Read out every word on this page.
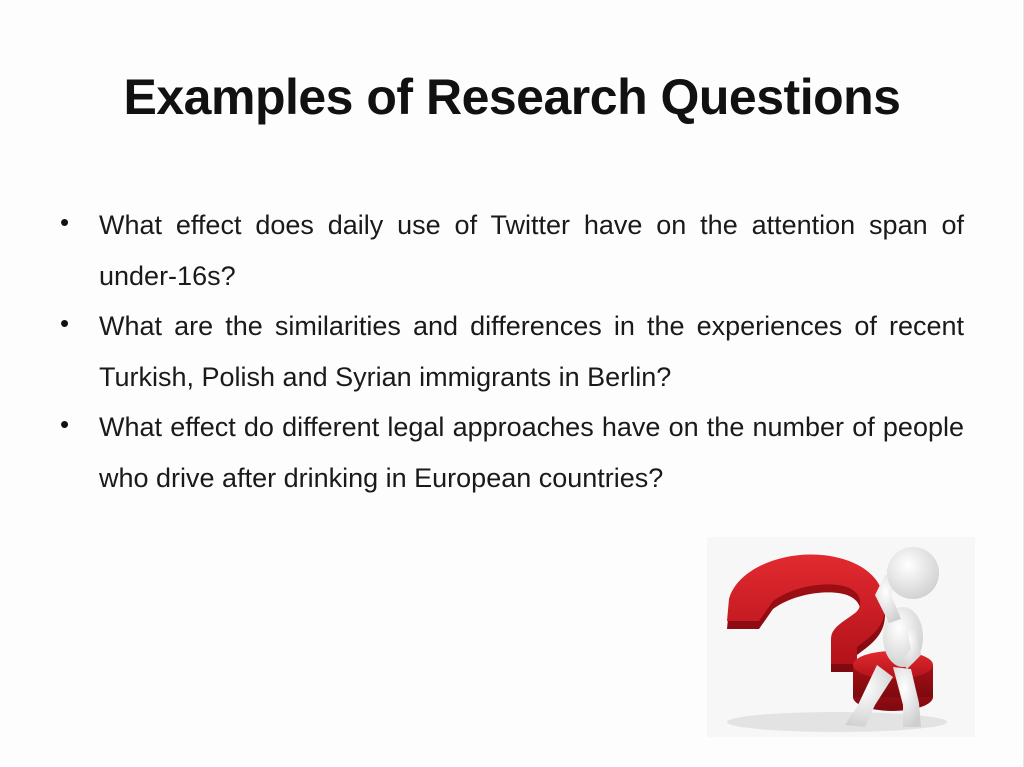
Examples of Research Questions
• What effect does daily use of Twitter have on the attention span of under-16s?
• What are the similarities and differences in the experiences of recent Turkish, Polish and Syrian immigrants in Berlin?
• What effect do different legal approaches have on the number of people who drive after drinking in European countries?
